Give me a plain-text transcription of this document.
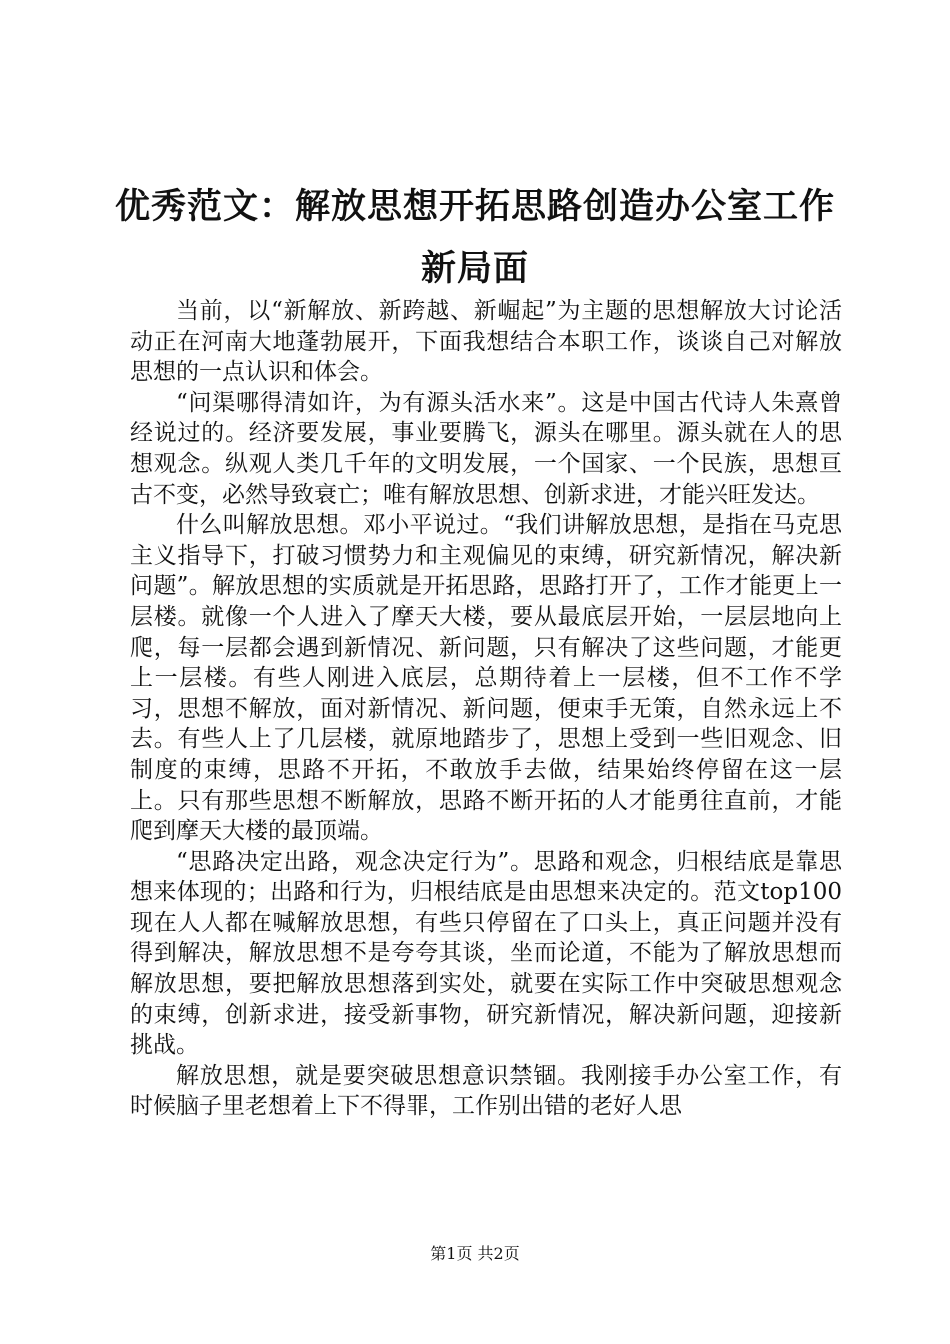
优秀范文：解放思想开拓思路创造办公室工作
新局面

当前，以“新解放、新跨越、新崛起”为主题的思想解放大讨论活动正在河南大地蓬勃展开，下面我想结合本职工作，谈谈自己对解放思想的一点认识和体会。

“问渠哪得清如许，为有源头活水来”。这是中国古代诗人朱熹曾经说过的。经济要发展，事业要腾飞，源头在哪里。源头就在人的思想观念。纵观人类几千年的文明发展，一个国家、一个民族，思想亘古不变，必然导致衰亡；唯有解放思想、创新求进，才能兴旺发达。

什么叫解放思想。邓小平说过。“我们讲解放思想，是指在马克思主义指导下，打破习惯势力和主观偏见的束缚，研究新情况，解决新问题”。解放思想的实质就是开拓思路，思路打开了，工作才能更上一层楼。就像一个人进入了摩天大楼，要从最底层开始，一层层地向上爬，每一层都会遇到新情况、新问题，只有解决了这些问题，才能更上一层楼。有些人刚进入底层，总期待着上一层楼，但不工作不学习，思想不解放，面对新情况、新问题，便束手无策，自然永远上不去。有些人上了几层楼，就原地踏步了，思想上受到一些旧观念、旧制度的束缚，思路不开拓，不敢放手去做，结果始终停留在这一层上。只有那些思想不断解放，思路不断开拓的人才能勇往直前，才能爬到摩天大楼的最顶端。

“思路决定出路，观念决定行为”。思路和观念，归根结底是靠思想来体现的；出路和行为，归根结底是由思想来决定的。范文top100现在人人都在喊解放思想，有些只停留在了口头上，真正问题并没有得到解决，解放思想不是夸夸其谈，坐而论道，不能为了解放思想而解放思想，要把解放思想落到实处，就要在实际工作中突破思想观念的束缚，创新求进，接受新事物，研究新情况，解决新问题，迎接新挑战。

解放思想，就是要突破思想意识禁锢。我刚接手办公室工作，有时候脑子里老想着上下不得罪，工作别出错的老好人思

第1页 共2页
